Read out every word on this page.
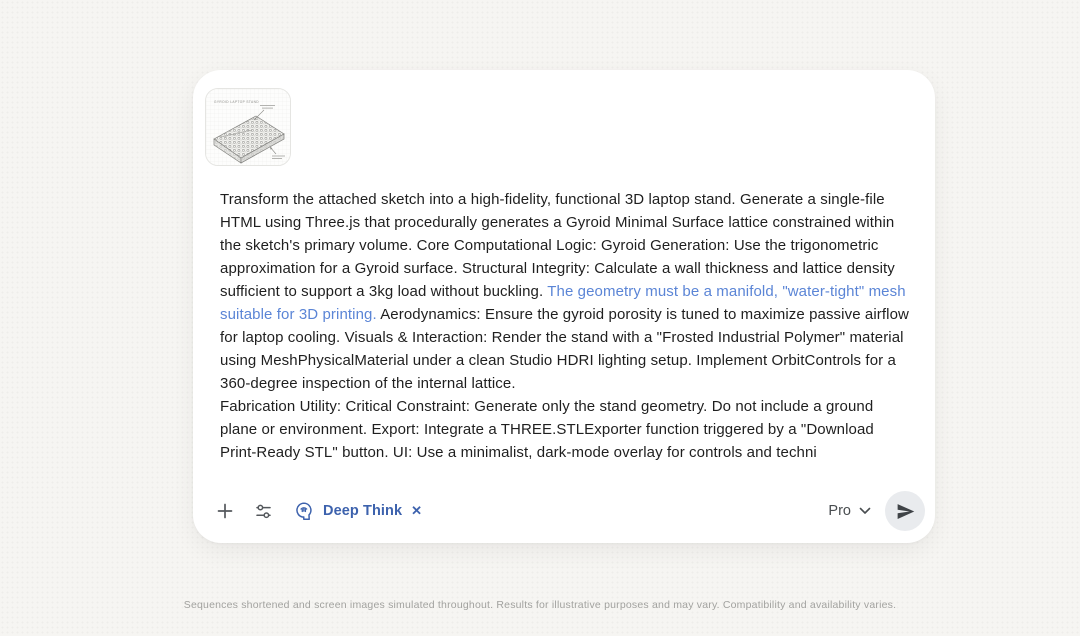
GYROID LAPTOP STAND
Transform the attached sketch into a high-fidelity, functional 3D laptop stand. Generate a single-file HTML using Three.js that procedurally generates a Gyroid Minimal Surface lattice constrained within the sketch's primary volume. Core Computational Logic: Gyroid Generation: Use the trigonometric approximation for a Gyroid surface. Structural Integrity: Calculate a wall thickness and lattice density sufficient to support a 3kg load without buckling. The geometry must be a manifold, "water-tight" mesh suitable for 3D printing. Aerodynamics: Ensure the gyroid porosity is tuned to maximize passive airflow for laptop cooling. Visuals & Interaction: Render the stand with a "Frosted Industrial Polymer" material using MeshPhysicalMaterial under a clean Studio HDRI lighting setup. Implement OrbitControls for a 360-degree inspection of the internal lattice.
Fabrication Utility: Critical Constraint: Generate only the stand geometry. Do not include a ground plane or environment. Export: Integrate a THREE.STLExporter function triggered by a "Download Print-Ready STL" button. UI: Use a minimalist, dark-mode overlay for controls and techni
Deep Think ✕	Pro
Sequences shortened and screen images simulated throughout. Results for illustrative purposes and may vary. Compatibility and availability varies.
